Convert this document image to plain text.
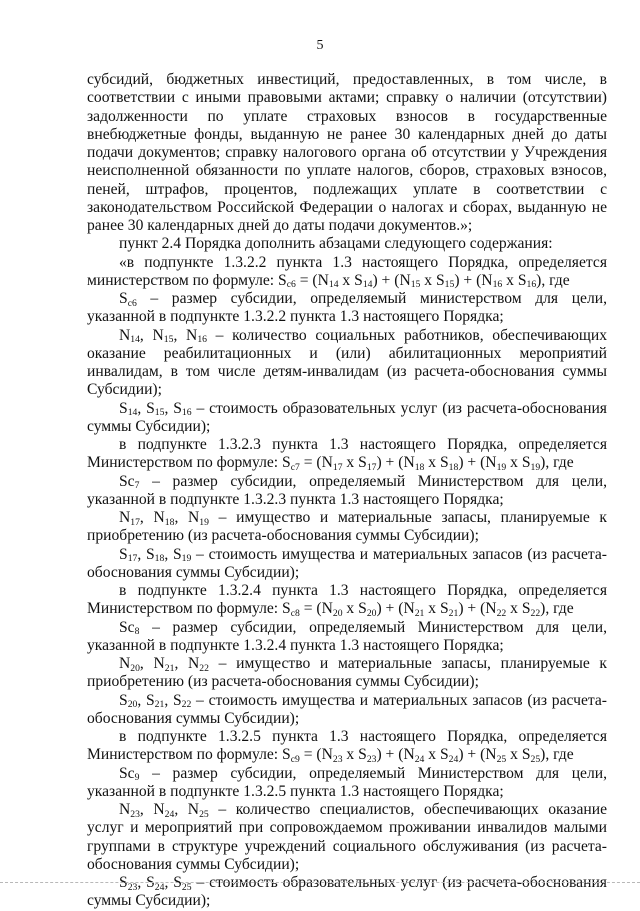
5

субсидий, бюджетных инвестиций, предоставленных, в том числе, в соответствии с иными правовыми актами; справку о наличии (отсутствии) задолженности по уплате страховых взносов в государственные внебюджетные фонды, выданную не ранее 30 календарных дней до даты подачи документов; справку налогового органа об отсутствии у Учреждения неисполненной обязанности по уплате налогов, сборов, страховых взносов, пеней, штрафов, процентов, подлежащих уплате в соответствии с законодательством Российской Федерации о налогах и сборах, выданную не ранее 30 календарных дней до даты подачи документов.»;

пункт 2.4 Порядка дополнить абзацами следующего содержания:

«в подпункте 1.3.2.2 пункта 1.3 настоящего Порядка, определяется министерством по формуле: $S_{c6} = (N_{14}$ х $S_{14}) + (N_{15}$ х $S_{15}) + (N_{16}$ х $S_{16}$), где

$S_{c6}$ – размер субсидии, определяемый министерством для цели, указанной в подпункте 1.3.2.2 пункта 1.3 настоящего Порядка;

$N_{14}$, $N_{15}$, $N_{16}$ – количество социальных работников, обеспечивающих оказание реабилитационных и (или) абилитационных мероприятий инвалидам, в том числе детям-инвалидам (из расчета-обоснования суммы Субсидии);

$S_{14}$, $S_{15}$, $S_{16}$ – стоимость образовательных услуг (из расчета-обоснования суммы Субсидии);

в подпункте 1.3.2.3 пункта 1.3 настоящего Порядка, определяется Министерством по формуле: $S_{c7} = (N_{17}$ х $S_{17}) + (N_{18}$ х $S_{18}) + (N_{19}$ х $S_{19}$), где

$Sc_7$ – размер субсидии, определяемый Министерством для цели, указанной в подпункте 1.3.2.3 пункта 1.3 настоящего Порядка;

$N_{17}$, $N_{18}$, $N_{19}$ – имущество и материальные запасы, планируемые к приобретению (из расчета-обоснования суммы Субсидии);

$S_{17}$, $S_{18}$, $S_{19}$ – стоимость имущества и материальных запасов (из расчета-обоснования суммы Субсидии);

в подпункте 1.3.2.4 пункта 1.3 настоящего Порядка, определяется Министерством по формуле: $S_{c8} = (N_{20}$ х $S_{20}) + (N_{21}$ х $S_{21}) + (N_{22}$ х $S_{22}$), где

$Sc_8$ – размер субсидии, определяемый Министерством для цели, указанной в подпункте 1.3.2.4 пункта 1.3 настоящего Порядка;

$N_{20}$, $N_{21}$, $N_{22}$ – имущество и материальные запасы, планируемые к приобретению (из расчета-обоснования суммы Субсидии);

$S_{20}$, $S_{21}$, $S_{22}$ – стоимость имущества и материальных запасов (из расчета-обоснования суммы Субсидии);

в подпункте 1.3.2.5 пункта 1.3 настоящего Порядка, определяется Министерством по формуле: $S_{c9} = (N_{23}$ х $S_{23}) + (N_{24}$ х $S_{24}) + (N_{25}$ х $S_{25}$), где

$Sc_9$ – размер субсидии, определяемый Министерством для цели, указанной в подпункте 1.3.2.5 пункта 1.3 настоящего Порядка;

$N_{23}$, $N_{24}$, $N_{25}$ – количество специалистов, обеспечивающих оказание услуг и мероприятий при сопровождаемом проживании инвалидов малыми группами в структуре учреждений социального обслуживания (из расчета-обоснования суммы Субсидии);

$S_{23}$, $S_{24}$, $S_{25}$ – стоимость образовательных услуг (из расчета-обоснования суммы Субсидии);
